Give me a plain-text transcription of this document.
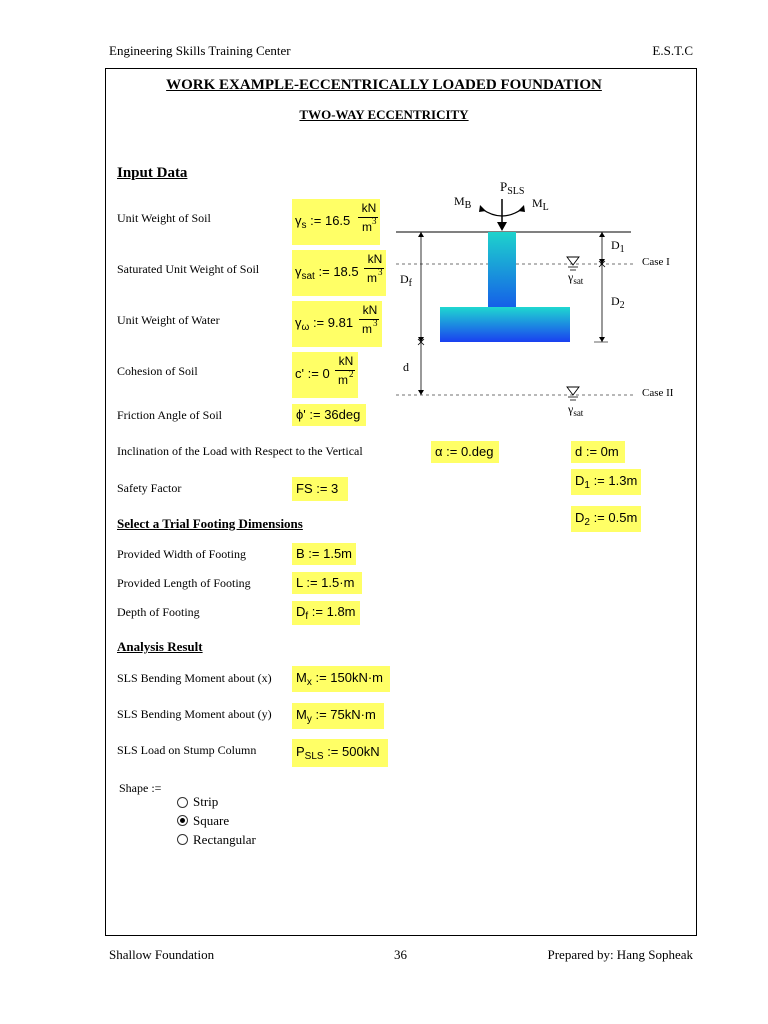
Engineering Skills Training Center	E.S.T.C
WORK EXAMPLE-ECCENTRICALLY LOADED FOUNDATION
TWO-WAY ECCENTRICITY
Input Data
Unit Weight of Soil	$\gamma_s$ := 16.5
kN
m 3
Saturated Unit Weight of Soil	$\gamma_{sat}$ := 18.5
kN
m 3
Unit Weight of Water	$\gamma_\omega$ := 9.81
kN
m 3
Cohesion of Soil	c' := 0
kN
m 2
Friction Angle of Soil	ϕ' := 36deg
Inclination of the Load with Respect to the Vertical	α := 0.deg	d := 0m
Safety Factor	FS := 3
$D_1$ := 1.3m
$D_2$ := 0.5m
Select a Trial Footing Dimensions
Provided Width of Footing	B := 1.5m
Provided Length of Footing	L := 1.5·m
Depth of Footing	$D_f$ := 1.8m
Analysis Result
SLS Bending Moment about (x)	$M_x$ := 150kN·m
SLS Bending Moment about (y)	$M_y$ := 75kN·m
SLS Load on Stump Column	$P_{SLS}$ := 500kN
Shape :=
Strip
Square
Rectangular
$P_{SLS}$
$M_B$	$M_L$
$D_f$
d
$D_1$
$D_2$
$\gamma_{sat}$
$\gamma_{sat}$
Case I
Case II
Shallow Foundation	36	Prepared by: Hang Sopheak
